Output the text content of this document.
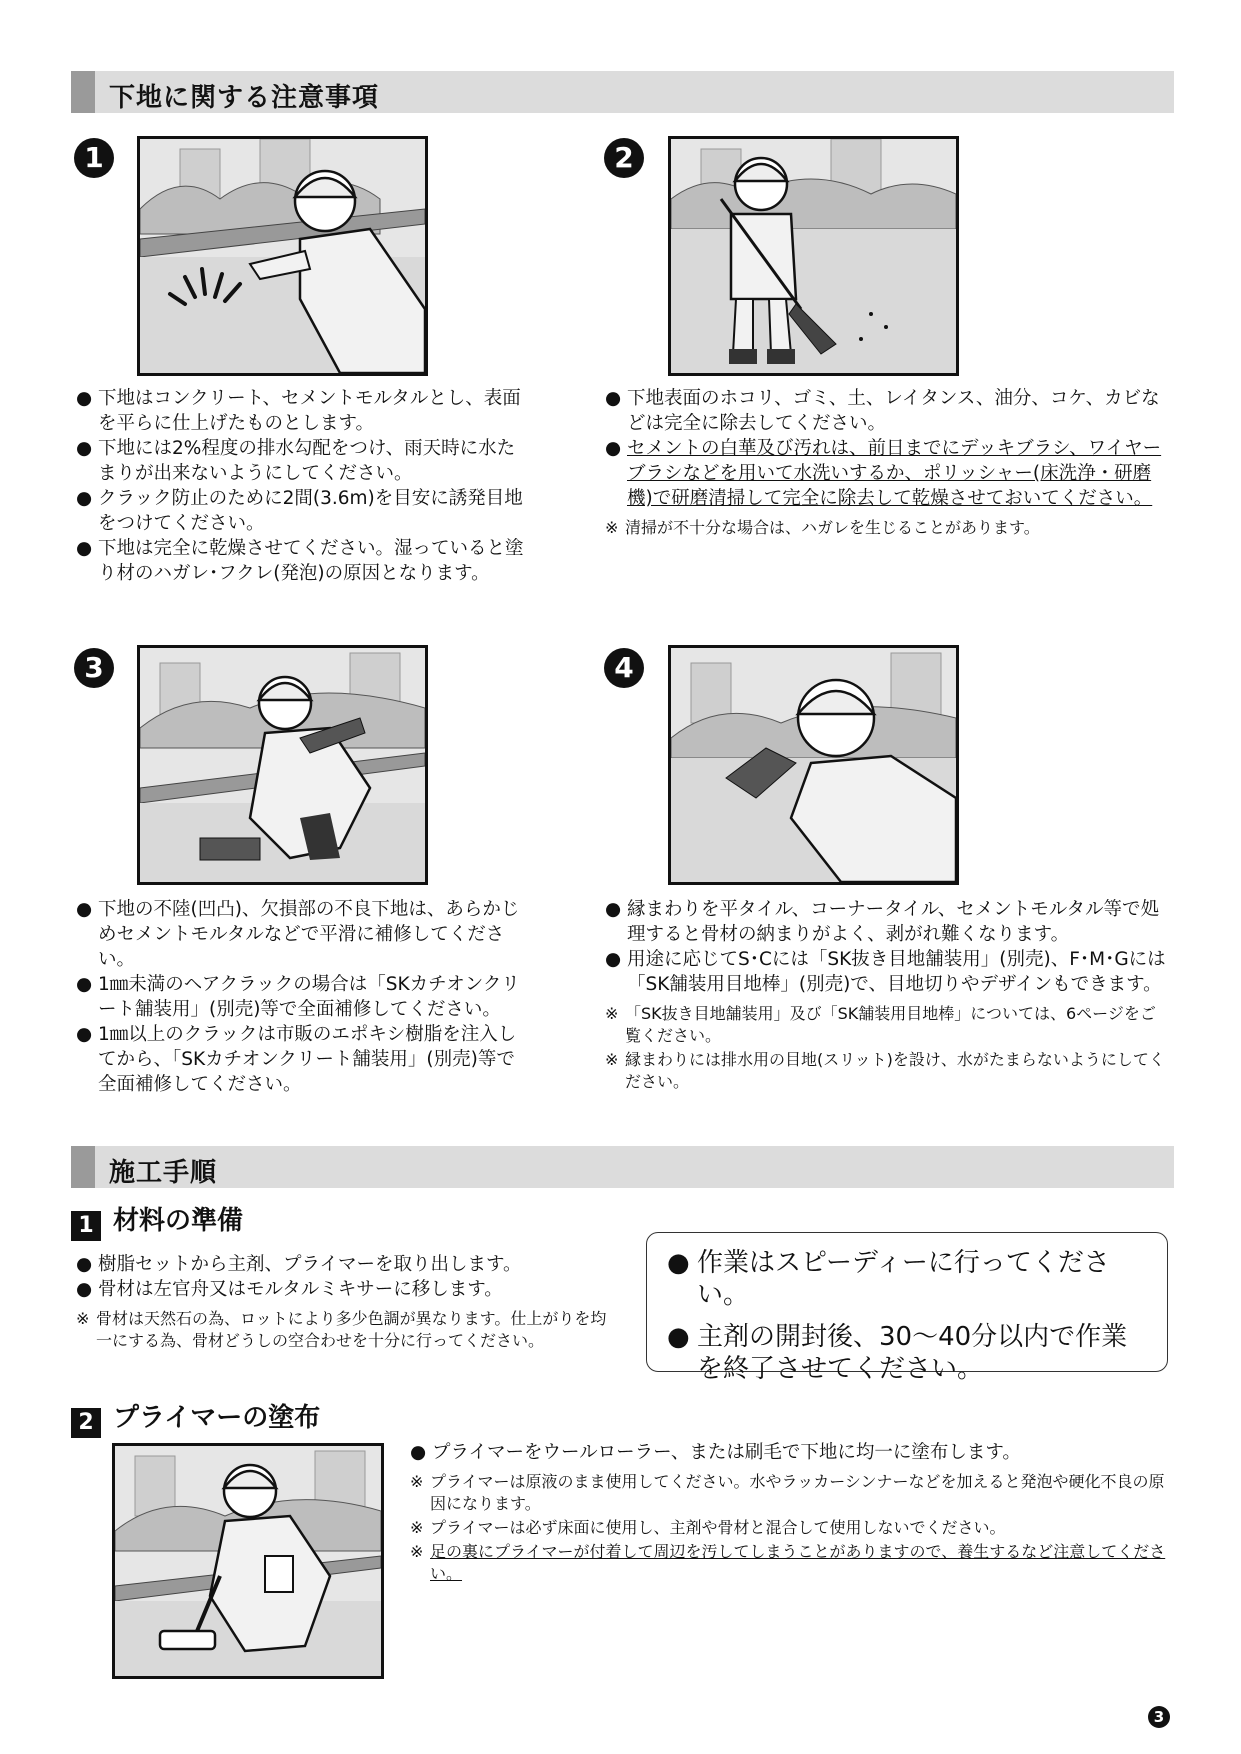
下地に関する注意事項
1
● 下地はコンクリート、セメントモルタルとし、表面を平らに仕上げたものとします。
● 下地には2%程度の排水勾配をつけ、雨天時に水たまりが出来ないようにしてください。
● クラック防止のために2間(3.6m)を目安に誘発目地をつけてください。
● 下地は完全に乾燥させてください。湿っていると塗り材のハガレ･フクレ(発泡)の原因となります。
2
● 下地表面のホコリ、ゴミ、土、レイタンス、油分、コケ、カビなどは完全に除去してください。
● セメントの白華及び汚れは、前日までにデッキブラシ、ワイヤーブラシなどを用いて水洗いするか、ポリッシャー(床洗浄・研磨機)で研磨清掃して完全に除去して乾燥させておいてください。
※ 清掃が不十分な場合は、ハガレを生じることがあります。
3
● 下地の不陸(凹凸)、欠損部の不良下地は、あらかじめセメントモルタルなどで平滑に補修してください。
● 1㎜未満のヘアクラックの場合は「SKカチオンクリート舗装用」(別売)等で全面補修してください。
● 1㎜以上のクラックは市販のエポキシ樹脂を注入してから、「SKカチオンクリート舗装用」(別売)等で全面補修してください。
4
● 縁まわりを平タイル、コーナータイル、セメントモルタル等で処理すると骨材の納まりがよく、剥がれ難くなります。
● 用途に応じてS･Cには「SK抜き目地舗装用」(別売)、F･M･Gには「SK舗装用目地棒」(別売)で、目地切りやデザインもできます。
※ 「SK抜き目地舗装用」及び「SK舗装用目地棒」については、6ページをご覧ください。
※ 縁まわりには排水用の目地(スリット)を設け、水がたまらないようにしてください。
施工手順
1 材料の準備
● 樹脂セットから主剤、プライマーを取り出します。
● 骨材は左官舟又はモルタルミキサーに移します。
※ 骨材は天然石の為、ロットにより多少色調が異なります。仕上がりを均一にする為、骨材どうしの空合わせを十分に行ってください。
● 作業はスピーディーに行ってください。
● 主剤の開封後、30〜40分以内で作業を終了させてください。
2 プライマーの塗布
● プライマーをウールローラー、または刷毛で下地に均一に塗布します。
※ プライマーは原液のまま使用してください。水やラッカーシンナーなどを加えると発泡や硬化不良の原因になります。
※ プライマーは必ず床面に使用し、主剤や骨材と混合して使用しないでください。
※ 足の裏にプライマーが付着して周辺を汚してしまうことがありますので、養生するなど注意してください。
3
